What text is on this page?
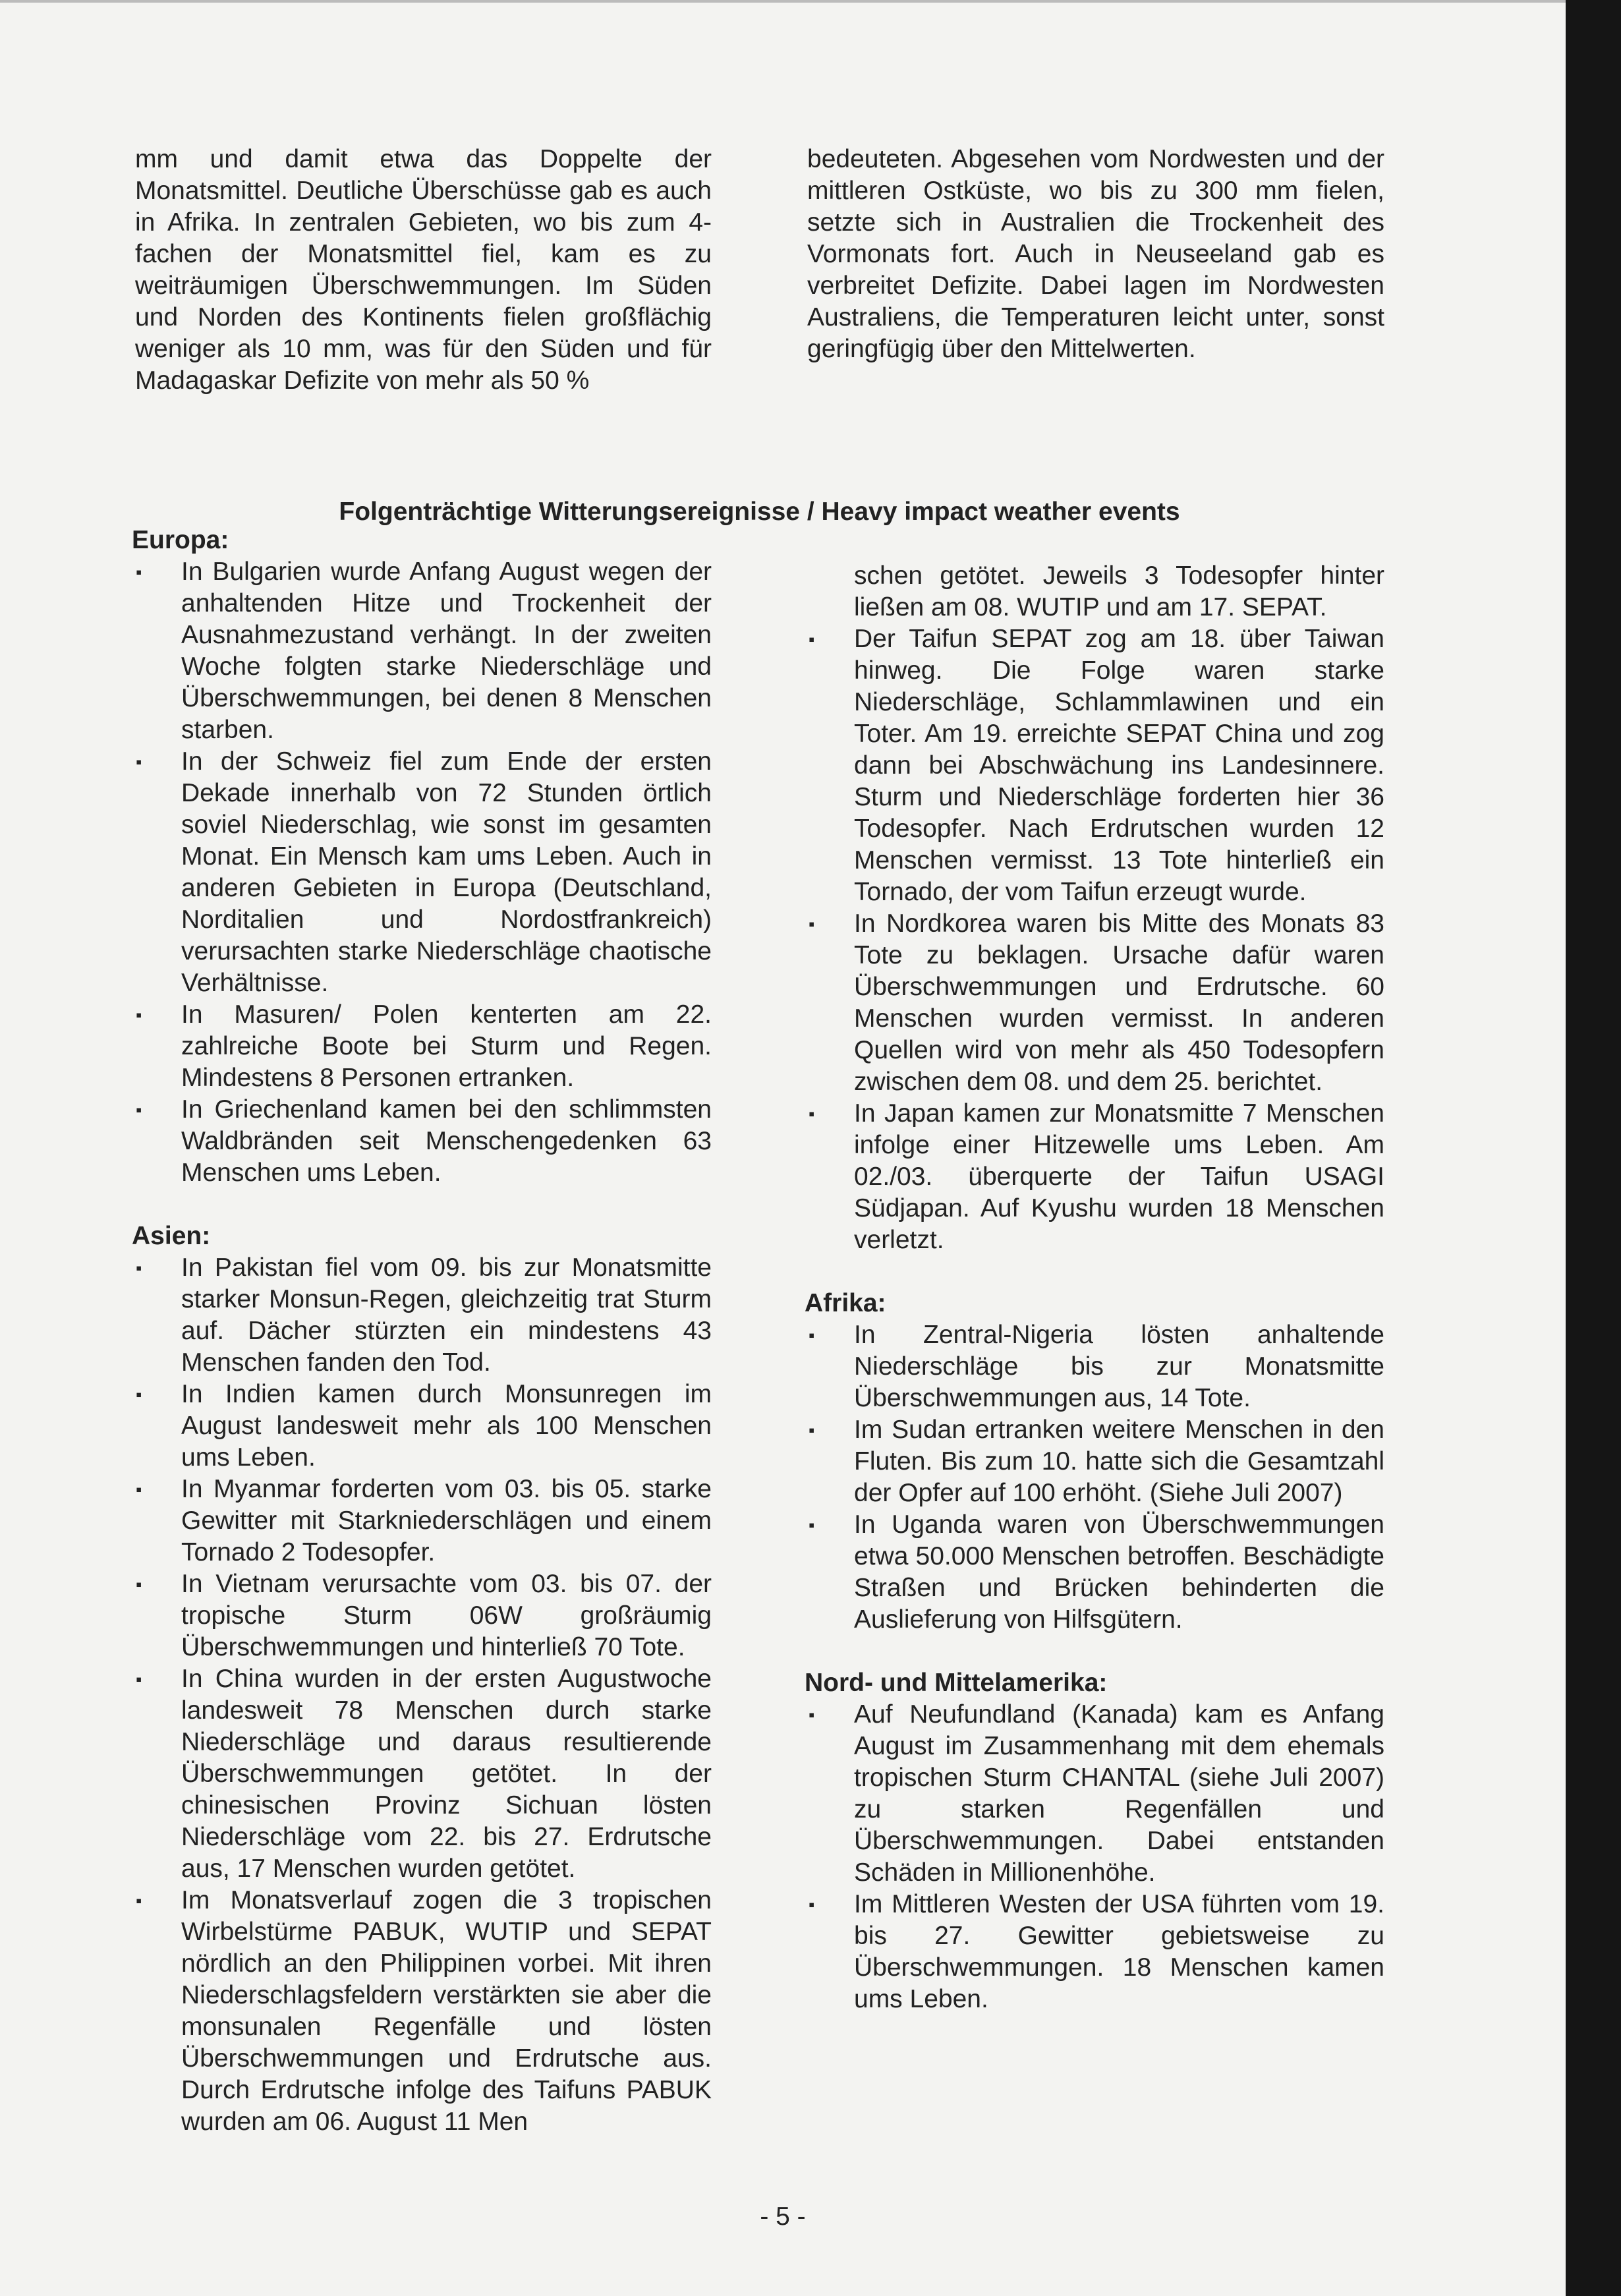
mm und damit etwa das Doppelte der Monatsmittel. Deutliche Überschüsse gab es auch in Afrika. In zentralen Gebieten, wo bis zum 4-fachen der Monatsmittel fiel, kam es zu weiträumigen Überschwemmungen. Im Süden und Norden des Kontinents fielen großflächig weniger als 10 mm, was für den Süden und für Madagaskar Defizite von mehr als 50 %

bedeuteten. Abgesehen vom Nordwesten und der mittleren Ostküste, wo bis zu 300 mm fielen, setzte sich in Australien die Trockenheit des Vormonats fort. Auch in Neuseeland gab es verbreitet Defizite. Dabei lagen im Nordwesten Australiens, die Temperaturen leicht unter, sonst geringfügig über den Mittelwerten.

Folgenträchtige Witterungsereignisse / Heavy impact weather events

Europa:

▪ In Bulgarien wurde Anfang August wegen der anhaltenden Hitze und Trockenheit der Ausnahmezustand verhängt. In der zweiten Woche folgten starke Niederschläge und Überschwemmungen, bei denen 8 Menschen starben.
▪ In der Schweiz fiel zum Ende der ersten Dekade innerhalb von 72 Stunden örtlich soviel Niederschlag, wie sonst im gesamten Monat. Ein Mensch kam ums Leben. Auch in anderen Gebieten in Europa (Deutschland, Norditalien und Nordostfrankreich) verursachten starke Niederschläge chaotische Verhältnisse.
▪ In Masuren/ Polen kenterten am 22. zahlreiche Boote bei Sturm und Regen. Mindestens 8 Personen ertranken.
▪ In Griechenland kamen bei den schlimmsten Waldbränden seit Menschengedenken 63 Menschen ums Leben.

Asien:

▪ In Pakistan fiel vom 09. bis zur Monatsmitte starker Monsun-Regen, gleichzeitig trat Sturm auf. Dächer stürzten ein mindestens 43 Menschen fanden den Tod.
▪ In Indien kamen durch Monsunregen im August landesweit mehr als 100 Menschen ums Leben.
▪ In Myanmar forderten vom 03. bis 05. starke Gewitter mit Starkniederschlägen und einem Tornado 2 Todesopfer.
▪ In Vietnam verursachte vom 03. bis 07. der tropische Sturm 06W großräumig Überschwemmungen und hinterließ 70 Tote.
▪ In China wurden in der ersten Augustwoche landesweit 78 Menschen durch starke Niederschläge und daraus resultierende Überschwemmungen getötet. In der chinesischen Provinz Sichuan lösten Niederschläge vom 22. bis 27. Erdrutsche aus, 17 Menschen wurden getötet.
▪ Im Monatsverlauf zogen die 3 tropischen Wirbelstürme PABUK, WUTIP und SEPAT nördlich an den Philippinen vorbei. Mit ihren Niederschlagsfeldern verstärkten sie aber die monsunalen Regenfälle und lösten Überschwemmungen und Erdrutsche aus. Durch Erdrutsche infolge des Taifuns PABUK wurden am 06. August 11 Men

schen getötet. Jeweils 3 Todesopfer hinter ließen am 08. WUTIP und am 17. SEPAT.

▪ Der Taifun SEPAT zog am 18. über Taiwan hinweg. Die Folge waren starke Niederschläge, Schlammlawinen und ein Toter. Am 19. erreichte SEPAT China und zog dann bei Abschwächung ins Landesinnere. Sturm und Niederschläge forderten hier 36 Todesopfer. Nach Erdrutschen wurden 12 Menschen vermisst. 13 Tote hinterließ ein Tornado, der vom Taifun erzeugt wurde.
▪ In Nordkorea waren bis Mitte des Monats 83 Tote zu beklagen. Ursache dafür waren Überschwemmungen und Erdrutsche. 60 Menschen wurden vermisst. In anderen Quellen wird von mehr als 450 Todesopfern zwischen dem 08. und dem 25. berichtet.
▪ In Japan kamen zur Monatsmitte 7 Menschen infolge einer Hitzewelle ums Leben. Am 02./03. überquerte der Taifun USAGI Südjapan. Auf Kyushu wurden 18 Menschen verletzt.

Afrika:

▪ In Zentral-Nigeria lösten anhaltende Niederschläge bis zur Monatsmitte Überschwemmungen aus, 14 Tote.
▪ Im Sudan ertranken weitere Menschen in den Fluten. Bis zum 10. hatte sich die Gesamtzahl der Opfer auf 100 erhöht. (Siehe Juli 2007)
▪ In Uganda waren von Überschwemmungen etwa 50.000 Menschen betroffen. Beschädigte Straßen und Brücken behinderten die Auslieferung von Hilfsgütern.

Nord- und Mittelamerika:

▪ Auf Neufundland (Kanada) kam es Anfang August im Zusammenhang mit dem ehemals tropischen Sturm CHANTAL (siehe Juli 2007) zu starken Regenfällen und Überschwemmungen. Dabei entstanden Schäden in Millionenhöhe.
▪ Im Mittleren Westen der USA führten vom 19. bis 27. Gewitter gebietsweise zu Überschwemmungen. 18 Menschen kamen ums Leben.
- 5 -
